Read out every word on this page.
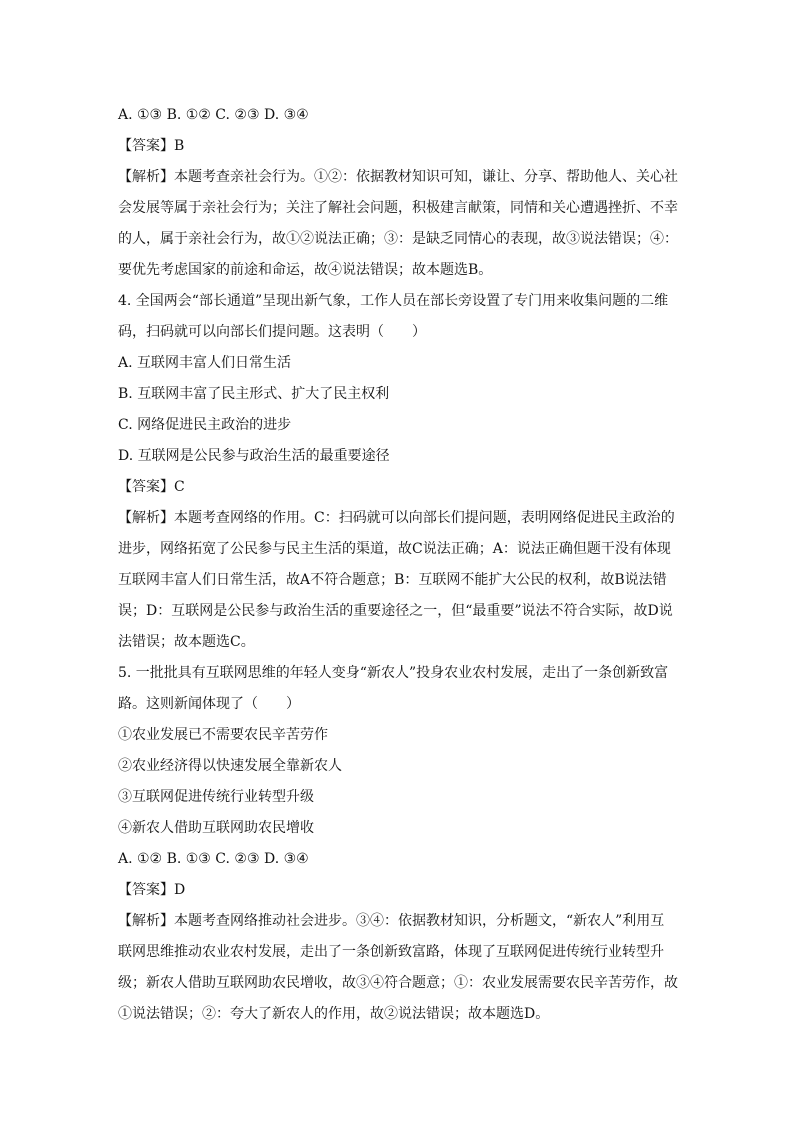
A. ①③ B. ①② C. ②③ D. ③④

【答案】B

【解析】本题考查亲社会行为。①②：依据教材知识可知，谦让、分享、帮助他人、关心社会发展等属于亲社会行为；关注了解社会问题，积极建言献策，同情和关心遭遇挫折、不幸的人，属于亲社会行为，故①②说法正确；③：是缺乏同情心的表现，故③说法错误；④：要优先考虑国家的前途和命运，故④说法错误；故本题选B。

4. 全国两会“部长通道”呈现出新气象，工作人员在部长旁设置了专门用来收集问题的二维码，扫码就可以向部长们提问题。这表明（　　）

A. 互联网丰富人们日常生活

B. 互联网丰富了民主形式、扩大了民主权利

C. 网络促进民主政治的进步

D. 互联网是公民参与政治生活的最重要途径

【答案】C

【解析】本题考查网络的作用。C：扫码就可以向部长们提问题，表明网络促进民主政治的进步，网络拓宽了公民参与民主生活的渠道，故C说法正确；A：说法正确但题干没有体现互联网丰富人们日常生活，故A不符合题意；B：互联网不能扩大公民的权利，故B说法错误；D：互联网是公民参与政治生活的重要途径之一，但“最重要”说法不符合实际，故D说法错误；故本题选C。

5. 一批批具有互联网思维的年轻人变身“新农人”投身农业农村发展，走出了一条创新致富路。这则新闻体现了（　　）

①农业发展已不需要农民辛苦劳作

②农业经济得以快速发展全靠新农人

③互联网促进传统行业转型升级

④新农人借助互联网助农民增收

A. ①② B. ①③ C. ②③ D. ③④

【答案】D

【解析】本题考查网络推动社会进步。③④：依据教材知识，分析题文，“新农人”利用互联网思维推动农业农村发展，走出了一条创新致富路，体现了互联网促进传统行业转型升级；新农人借助互联网助农民增收，故③④符合题意；①：农业发展需要农民辛苦劳作，故①说法错误；②：夸大了新农人的作用，故②说法错误；故本题选D。
